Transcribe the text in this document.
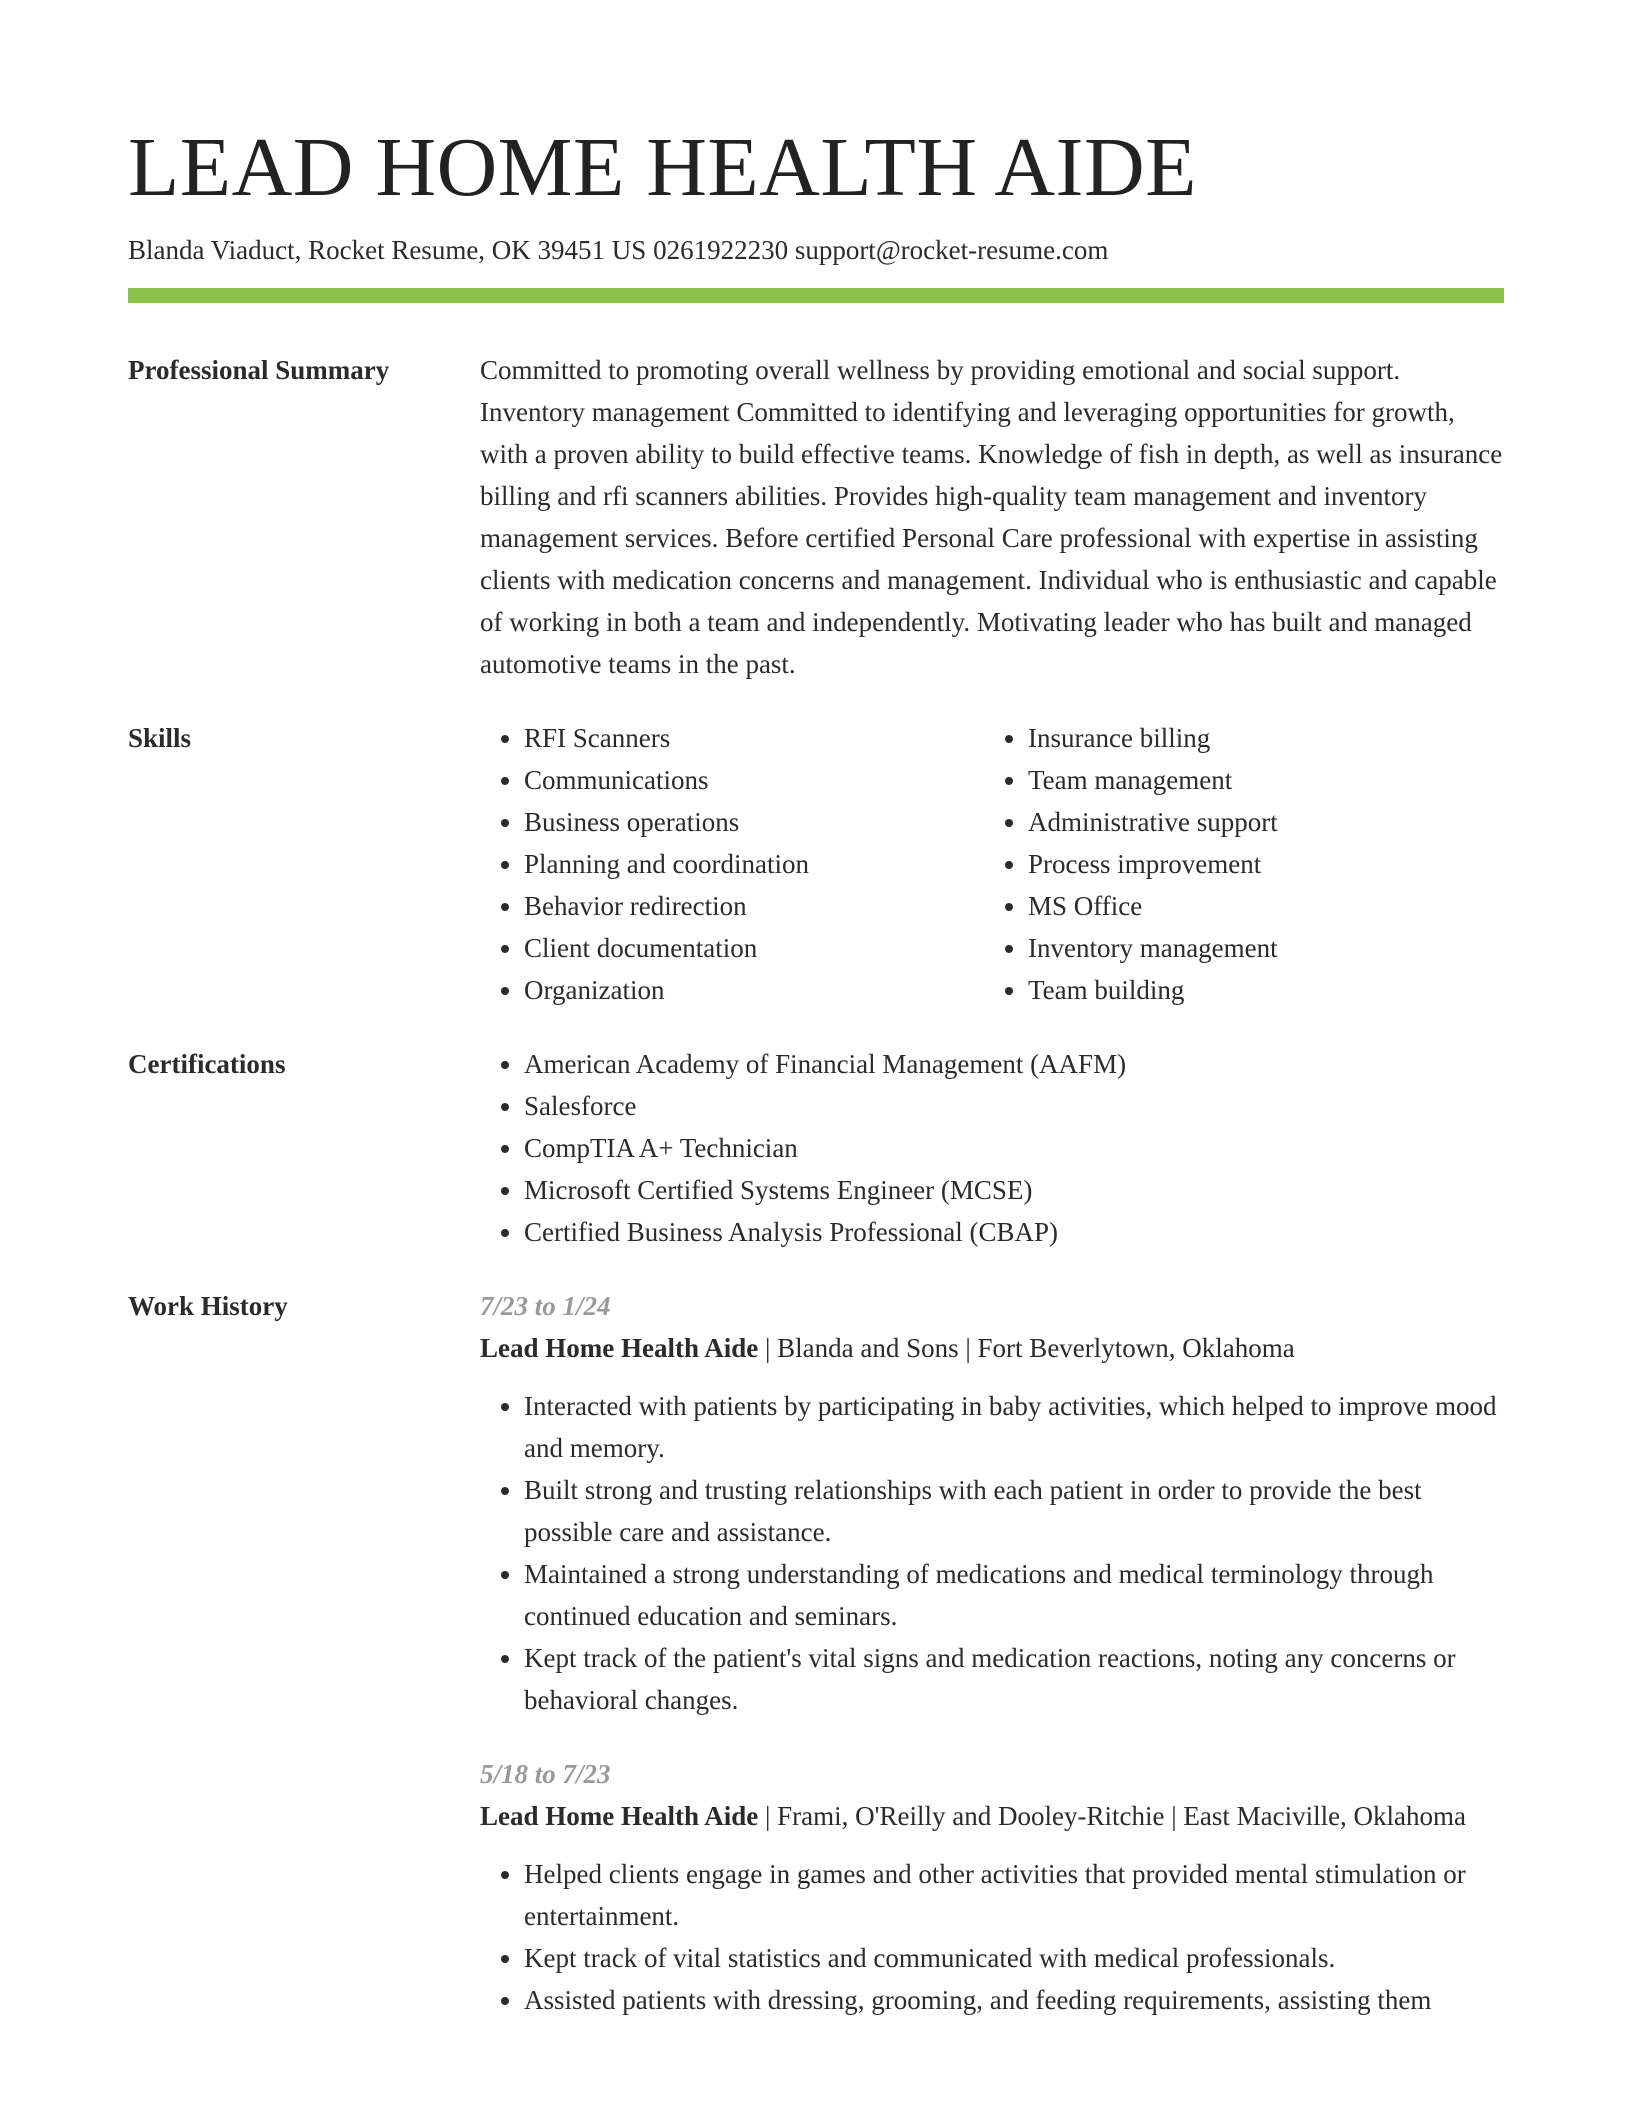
LEAD HOME HEALTH AIDE
Blanda Viaduct, Rocket Resume, OK 39451 US 0261922230 support@rocket-resume.com
Professional Summary	Committed to promoting overall wellness by providing emotional and social support. Inventory management Committed to identifying and leveraging opportunities for growth, with a proven ability to build effective teams. Knowledge of fish in depth, as well as insurance billing and rfi scanners abilities. Provides high-quality team management and inventory management services. Before certified Personal Care professional with expertise in assisting clients with medication concerns and management. Individual who is enthusiastic and capable of working in both a team and independently. Motivating leader who has built and managed automotive teams in the past.

Skills	• RFI Scanners
• Communications
• Business operations
• Planning and coordination
• Behavior redirection
• Client documentation
• Organization
• Insurance billing
• Team management
• Administrative support
• Process improvement
• MS Office
• Inventory management
• Team building
Certifications	• American Academy of Financial Management (AAFM)
• Salesforce
• CompTIA A+ Technician
• Microsoft Certified Systems Engineer (MCSE)
• Certified Business Analysis Professional (CBAP)
Work History	7/23 to 1/24
Lead Home Health Aide | Blanda and Sons | Fort Beverlytown, Oklahoma
• Interacted with patients by participating in baby activities, which helped to improve mood and memory.
• Built strong and trusting relationships with each patient in order to provide the best possible care and assistance.
• Maintained a strong understanding of medications and medical terminology through continued education and seminars.
• Kept track of the patient's vital signs and medication reactions, noting any concerns or behavioral changes.
5/18 to 7/23
Lead Home Health Aide | Frami, O'Reilly and Dooley-Ritchie | East Maciville, Oklahoma
• Helped clients engage in games and other activities that provided mental stimulation or entertainment.
• Kept track of vital statistics and communicated with medical professionals.
• Assisted patients with dressing, grooming, and feeding requirements, assisting them
